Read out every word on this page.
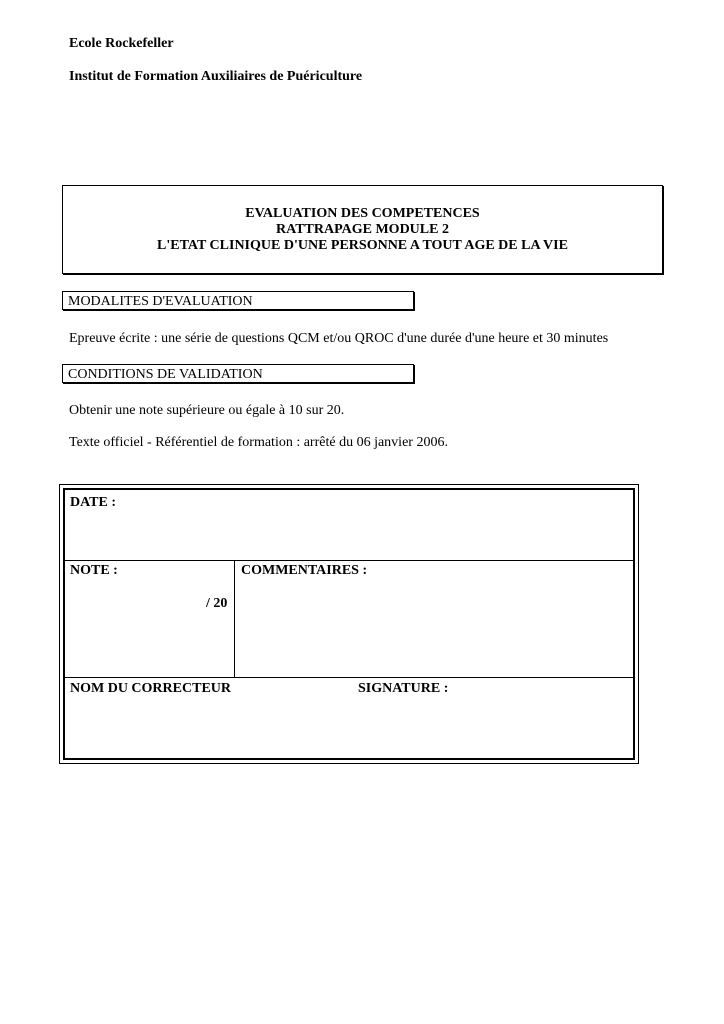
Ecole Rockefeller
Institut de Formation Auxiliaires de Puériculture
EVALUATION DES COMPETENCES
RATTRAPAGE MODULE 2
L'ETAT CLINIQUE D'UNE PERSONNE A TOUT AGE DE LA VIE
MODALITES D'EVALUATION
Epreuve écrite : une série de questions QCM et/ou QROC d'une durée d'une heure et 30 minutes
CONDITIONS DE VALIDATION
Obtenir une note supérieure ou égale à 10 sur 20.
Texte officiel - Référentiel de formation : arrêté du 06 janvier 2006.
DATE :
NOTE :
/ 20
COMMENTAIRES :
NOM DU CORRECTEUR	SIGNATURE :
